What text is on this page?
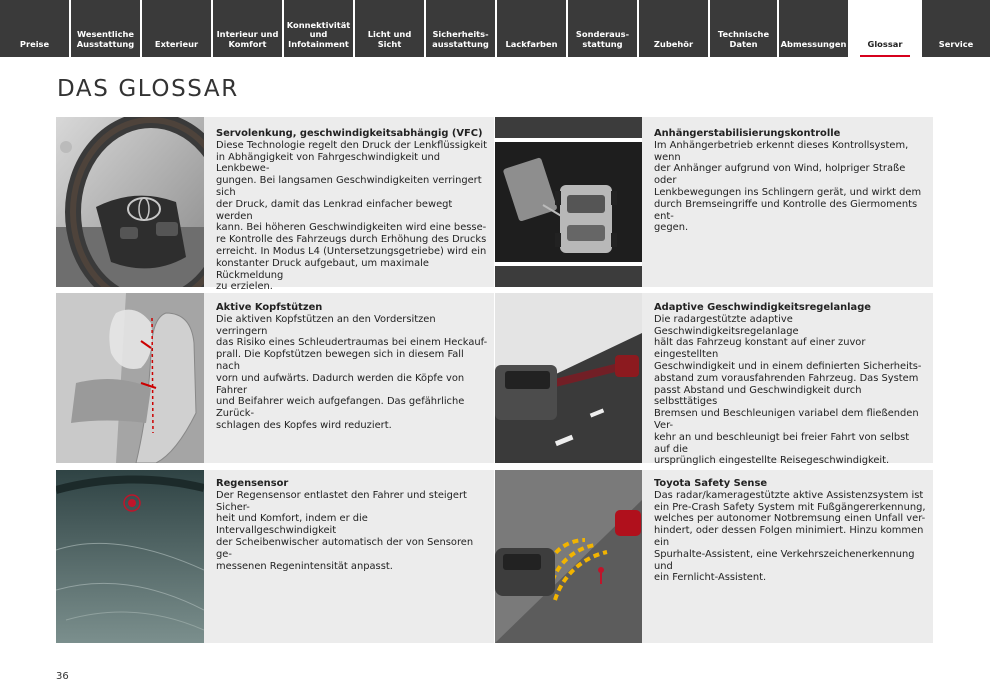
Preise
Wesentliche
Ausstattung Exterieur
Interieur und
Komfort
Konnektivität
und
Infotainment
Licht und Sicht
Sicherheits-
ausstattung Lackfarben
Sonderaus-
stattung	Zubehör
Technische
Daten	Abmessungen	Glossar	Service
DAS GLOSSAR
Servolenkung, geschwindigkeitsabhängig (VFC)

Diese Technologie regelt den Druck der Lenkflüssigkeit
in Abhängigkeit von Fahrgeschwindigkeit und Lenkbewe-
gungen. Bei langsamen Geschwindigkeiten verringert sich
der Druck, damit das Lenkrad einfacher bewegt werden
kann. Bei höheren Geschwindigkeiten wird eine besse-
re Kontrolle des Fahrzeugs durch Erhöhung des Drucks
erreicht. In Modus L4 (Untersetzungsgetriebe) wird ein
konstanter Druck aufgebaut, um maximale Rückmeldung
zu erzielen.

Anhängerstabilisierungskontrolle

Im Anhängerbetrieb erkennt dieses Kontrollsystem, wenn
der Anhänger aufgrund von Wind, holpriger Straße oder
Lenkbewegungen ins Schlingern gerät, und wirkt dem
durch Bremseingriffe und Kontrolle des Giermoments ent-
gegen.

Aktive Kopfstützen

Die aktiven Kopfstützen an den Vordersitzen verringern
das Risiko eines Schleudertraumas bei einem Heckauf-
prall. Die Kopfstützen bewegen sich in diesem Fall nach
vorn und aufwärts. Dadurch werden die Köpfe von Fahrer
und Beifahrer weich aufgefangen. Das gefährliche Zurück-
schlagen des Kopfes wird reduziert.

Adaptive Geschwindigkeitsregelanlage

Die radargestützte adaptive Geschwindigkeitsregelanlage
hält das Fahrzeug konstant auf einer zuvor eingestellten
Geschwindigkeit und in einem definierten Sicherheits-
abstand zum vorausfahrenden Fahrzeug. Das System
passt Abstand und Geschwindigkeit durch selbsttätiges
Bremsen und Beschleunigen variabel dem fließenden Ver-
kehr an und beschleunigt bei freier Fahrt von selbst auf die
ursprünglich eingestellte Reisegeschwindigkeit.

Regensensor

Der Regensensor entlastet den Fahrer und steigert Sicher-
heit und Komfort, indem er die Intervallgeschwindigkeit
der Scheibenwischer automatisch der von Sensoren ge-
messenen Regenintensität anpasst.

Toyota Safety Sense

Das radar/kameragestützte aktive Assistenzsystem ist
ein Pre-Crash Safety System mit Fußgängererkennung,
welches per autonomer Notbremsung einen Unfall ver-
hindert, oder dessen Folgen minimiert. Hinzu kommen ein
Spurhalte-Assistent, eine Verkehrszeichenerkennung und
ein Fernlicht-Assistent.

36
